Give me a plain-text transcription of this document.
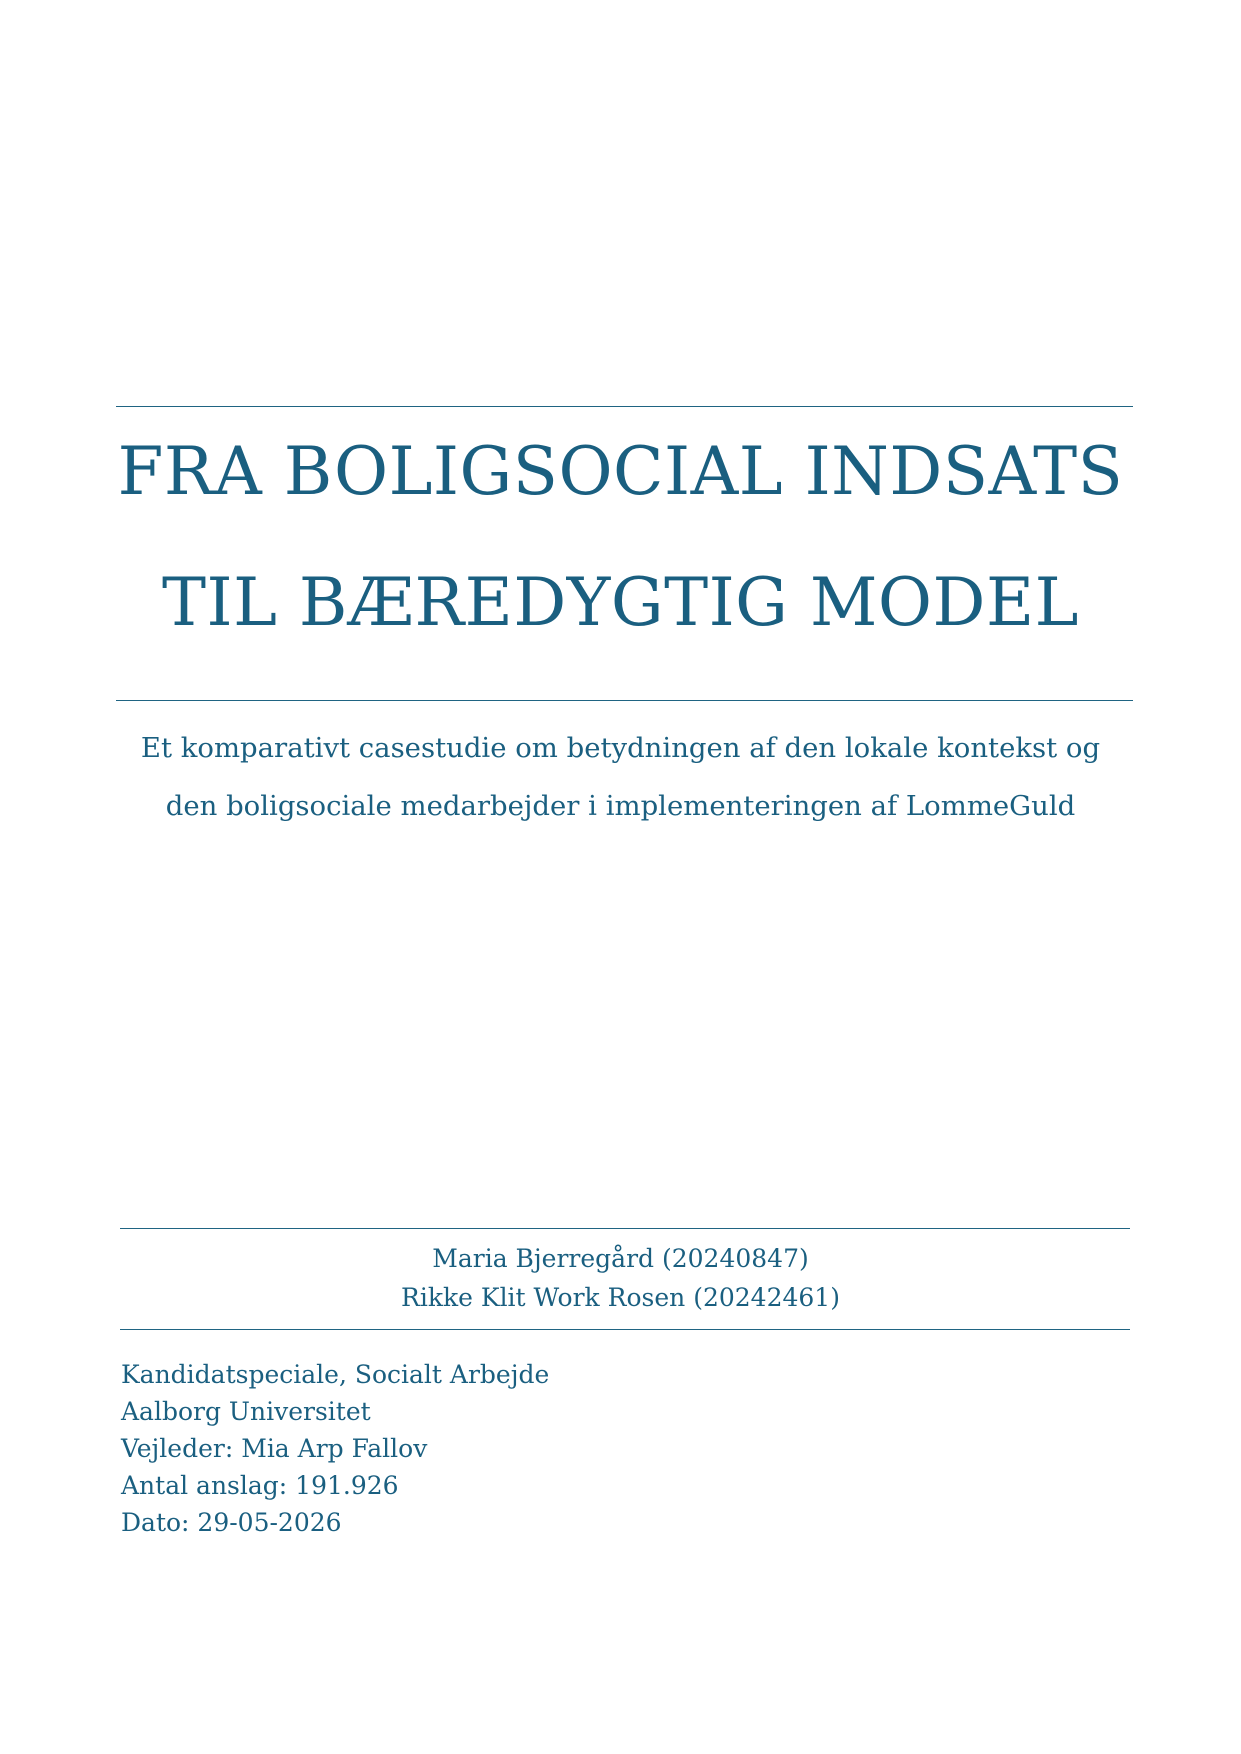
FRA BOLIGSOCIAL INDSATS
TIL BÆREDYGTIG MODEL
Et komparativt casestudie om betydningen af den lokale kontekst og
den boligsociale medarbejder i implementeringen af LommeGuld
Maria Bjerregård (20240847)
Rikke Klit Work Rosen (20242461)
Kandidatspeciale, Socialt Arbejde
Aalborg Universitet
Vejleder: Mia Arp Fallov
Antal anslag: 191.926
Dato: 29-05-2026
